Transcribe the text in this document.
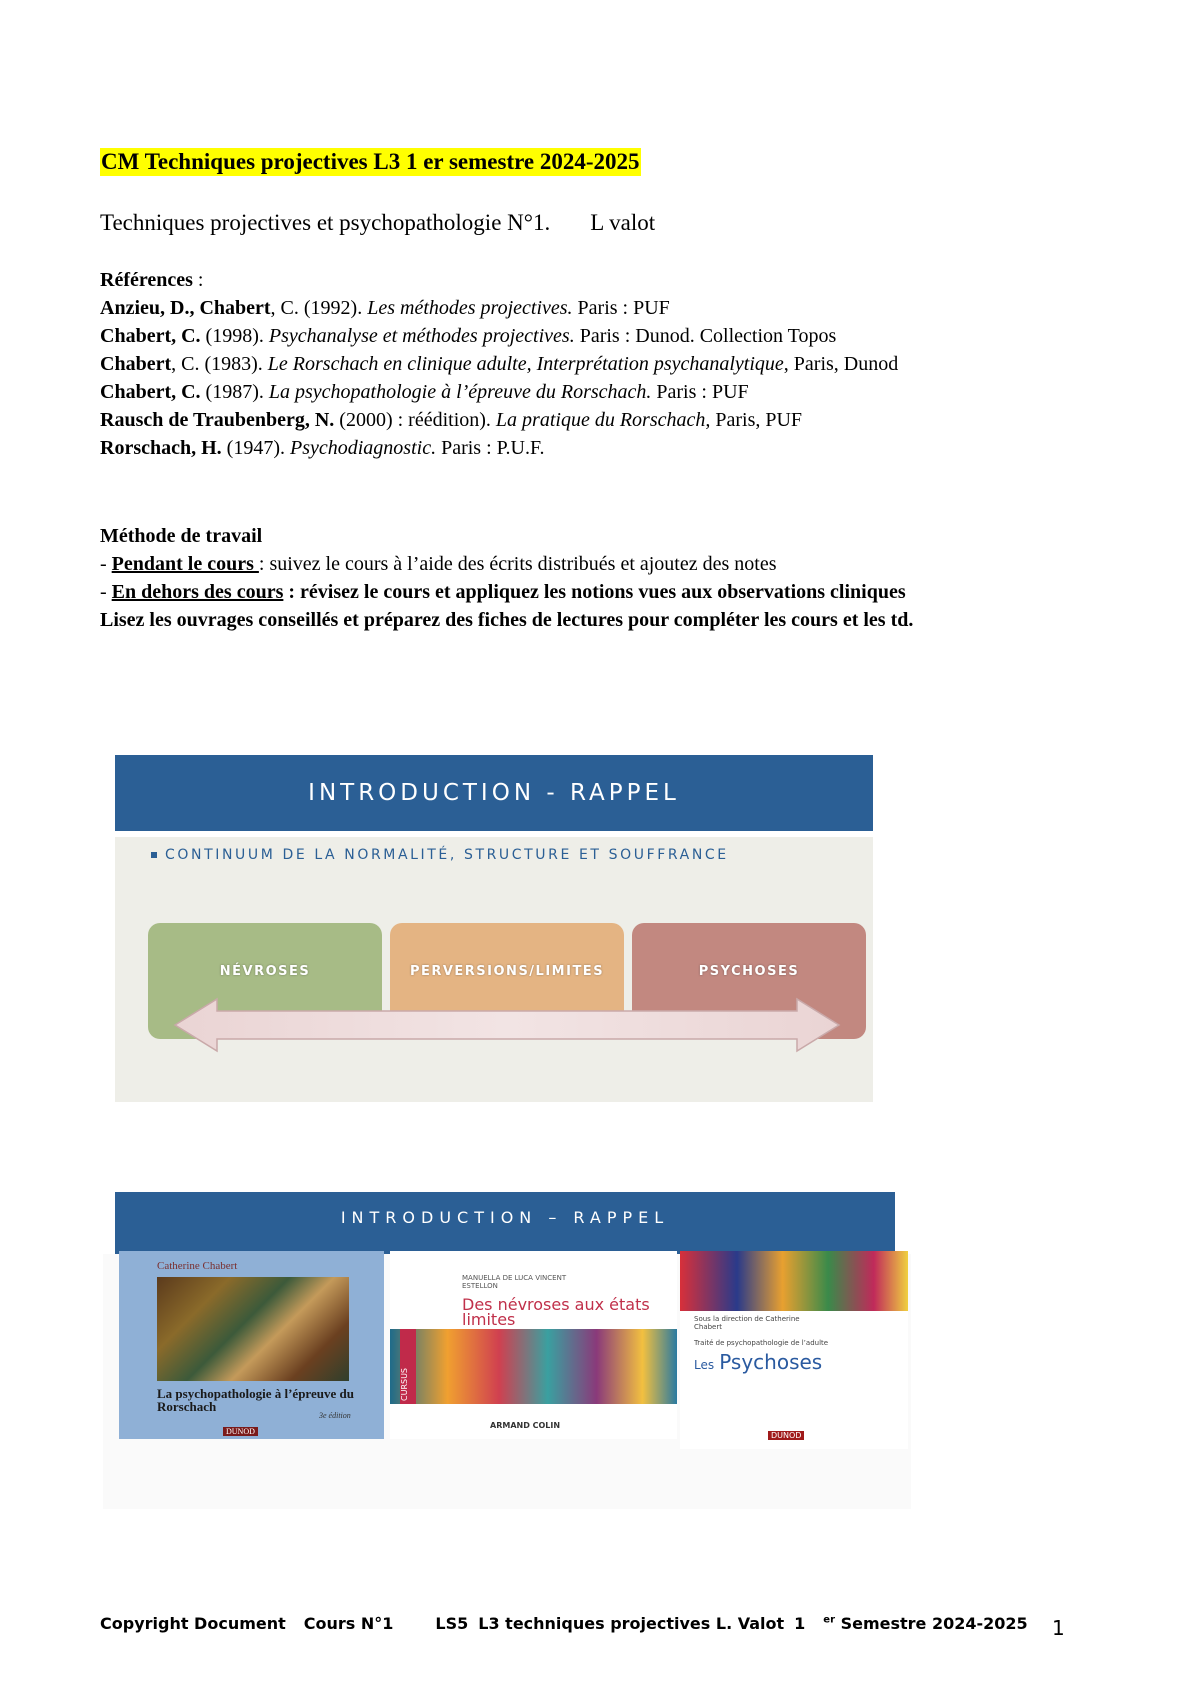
CM Techniques projectives L3 1 er semestre 2024-2025
Techniques projectives et psychopathologie N°1. L valot

Références :

Anzieu, D., Chabert, C. (1992). Les méthodes projectives. Paris : PUF

Chabert, C. (1998). Psychanalyse et méthodes projectives. Paris : Dunod. Collection Topos

Chabert, C. (1983). Le Rorschach en clinique adulte, Interprétation psychanalytique, Paris, Dunod

Chabert, C. (1987). La psychopathologie à l’épreuve du Rorschach. Paris : PUF

Rausch de Traubenberg, N. (2000) : réédition). La pratique du Rorschach, Paris, PUF

Rorschach, H. (1947). Psychodiagnostic. Paris : P.U.F.

Méthode de travail

- Pendant le cours : suivez le cours à l’aide des écrits distribués et ajoutez des notes

- En dehors des cours : révisez le cours et appliquez les notions vues aux observations cliniques

Lisez les ouvrages conseillés et préparez des fiches de lectures pour compléter les cours et les td.

INTRODUCTION - RAPPEL
CONTINUUM DE LA NORMALITÉ, STRUCTURE ET SOUFFRANCE
NÉVROSES	PERVERSIONS/LIMITES	PSYCHOSES
INTRODUCTION – RAPPEL
Catherine Chabert
La psychopathologie à l’épreuve du Rorschach
3e édition
DUNOD
MANUELLA DE LUCA VINCENT ESTELLON
Des névroses aux états limites
CURSUS
ARMAND COLIN
Sous la direction de Catherine Chabert
Traité de psychopathologie de l’adulte
Les Psychoses
DUNOD
Copyright Document Cours N°1	LS5 L3 techniques projectives L. Valot 1 $^{er}$ Semestre 2024-2025	1
